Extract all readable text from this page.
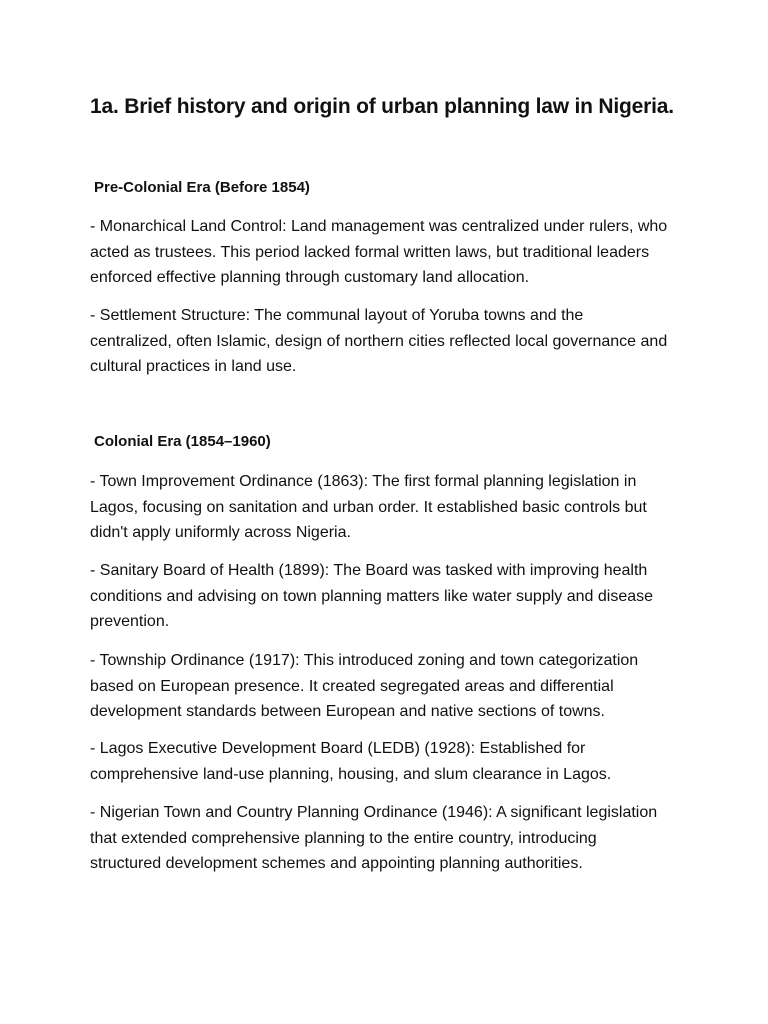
1a. Brief history and origin of urban planning law in Nigeria.
Pre-Colonial Era (Before 1854)

- Monarchical Land Control: Land management was centralized under rulers, who
acted as trustees. This period lacked formal written laws, but traditional leaders
enforced effective planning through customary land allocation.

- Settlement Structure: The communal layout of Yoruba towns and the
centralized, often Islamic, design of northern cities reflected local governance and
cultural practices in land use.

Colonial Era (1854–1960)

- Town Improvement Ordinance (1863): The first formal planning legislation in
Lagos, focusing on sanitation and urban order. It established basic controls but
didn't apply uniformly across Nigeria.

- Sanitary Board of Health (1899): The Board was tasked with improving health
conditions and advising on town planning matters like water supply and disease
prevention.

- Township Ordinance (1917): This introduced zoning and town categorization
based on European presence. It created segregated areas and differential
development standards between European and native sections of towns.

- Lagos Executive Development Board (LEDB) (1928): Established for
comprehensive land-use planning, housing, and slum clearance in Lagos.

- Nigerian Town and Country Planning Ordinance (1946): A significant legislation
that extended comprehensive planning to the entire country, introducing
structured development schemes and appointing planning authorities.
